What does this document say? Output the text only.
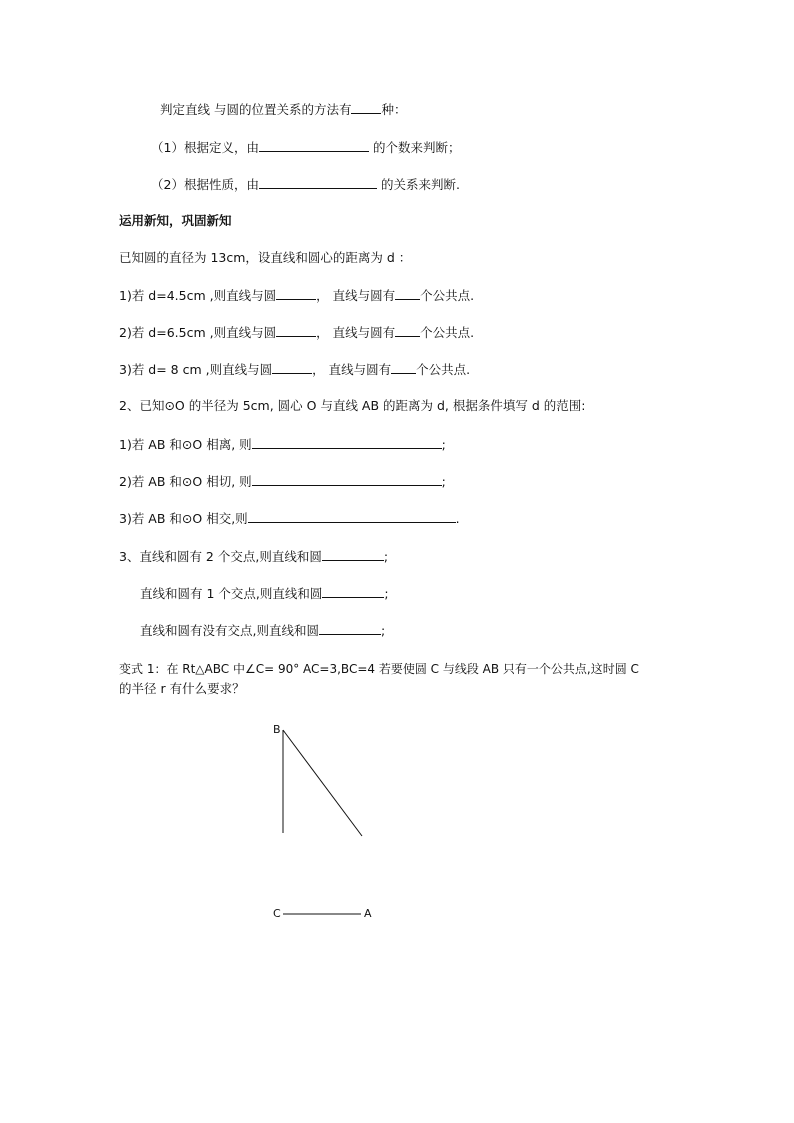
判定直线 与圆的位置关系的方法有 种：
（1）根据定义，由	的个数来判断；
（2）根据性质，由	的关系来判断.
运用新知，巩固新知
已知圆的直径为 13cm，设直线和圆心的距离为 d ：
1)若 d=4.5cm ,则直线与圆	， 直线与圆有 个公共点.
2)若 d=6.5cm ,则直线与圆	， 直线与圆有 个公共点.
3)若 d= 8 cm ,则直线与圆	， 直线与圆有 个公共点.
2、已知⊙O 的半径为 5cm, 圆心 O 与直线 AB 的距离为 d, 根据条件填写 d 的范围:
1)若 AB 和⊙O 相离, 则	;
2)若 AB 和⊙O 相切, 则	;
3)若 AB 和⊙O 相交,则	.
3、直线和圆有 2 个交点,则直线和圆	;
直线和圆有 1 个交点,则直线和圆	;
直线和圆有没有交点,则直线和圆	;
变式 1：在 Rt△ABC 中∠C= 90° AC=3,BC=4 若要使圆 C 与线段 AB 只有一个公共点,这时圆 C
的半径 r 有什么要求？
B
C	A
